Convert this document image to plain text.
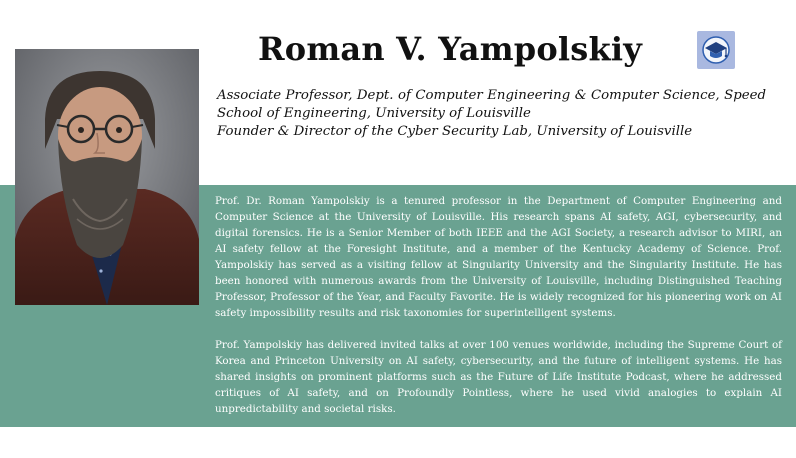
Roman V. Yampolskiy

Associate Professor, Dept. of Computer Engineering & Computer Science, Speed School of Engineering, University of Louisville

Founder & Director of the Cyber Security Lab, University of Louisville

Prof. Dr. Roman Yampolskiy is a tenured professor in the Department of Computer Engineering and Computer Science at the University of Louisville. His research spans AI safety, AGI, cybersecurity, and digital forensics. He is a Senior Member of both IEEE and the AGI Society, a research advisor to MIRI, an AI safety fellow at the Foresight Institute, and a member of the Kentucky Academy of Science. Prof. Yampolskiy has served as a visiting fellow at Singularity University and the Singularity Institute. He has been honored with numerous awards from the University of Louisville, including Distinguished Teaching Professor, Professor of the Year, and Faculty Favorite. He is widely recognized for his pioneering work on AI safety impossibility results and risk taxonomies for superintelligent systems.

Prof. Yampolskiy has delivered invited talks at over 100 venues worldwide, including the Supreme Court of Korea and Princeton University on AI safety, cybersecurity, and the future of intelligent systems. He has shared insights on prominent platforms such as the Future of Life Institute Podcast, where he addressed critiques of AI safety, and on Profoundly Pointless, where he used vivid analogies to explain AI unpredictability and societal risks.
